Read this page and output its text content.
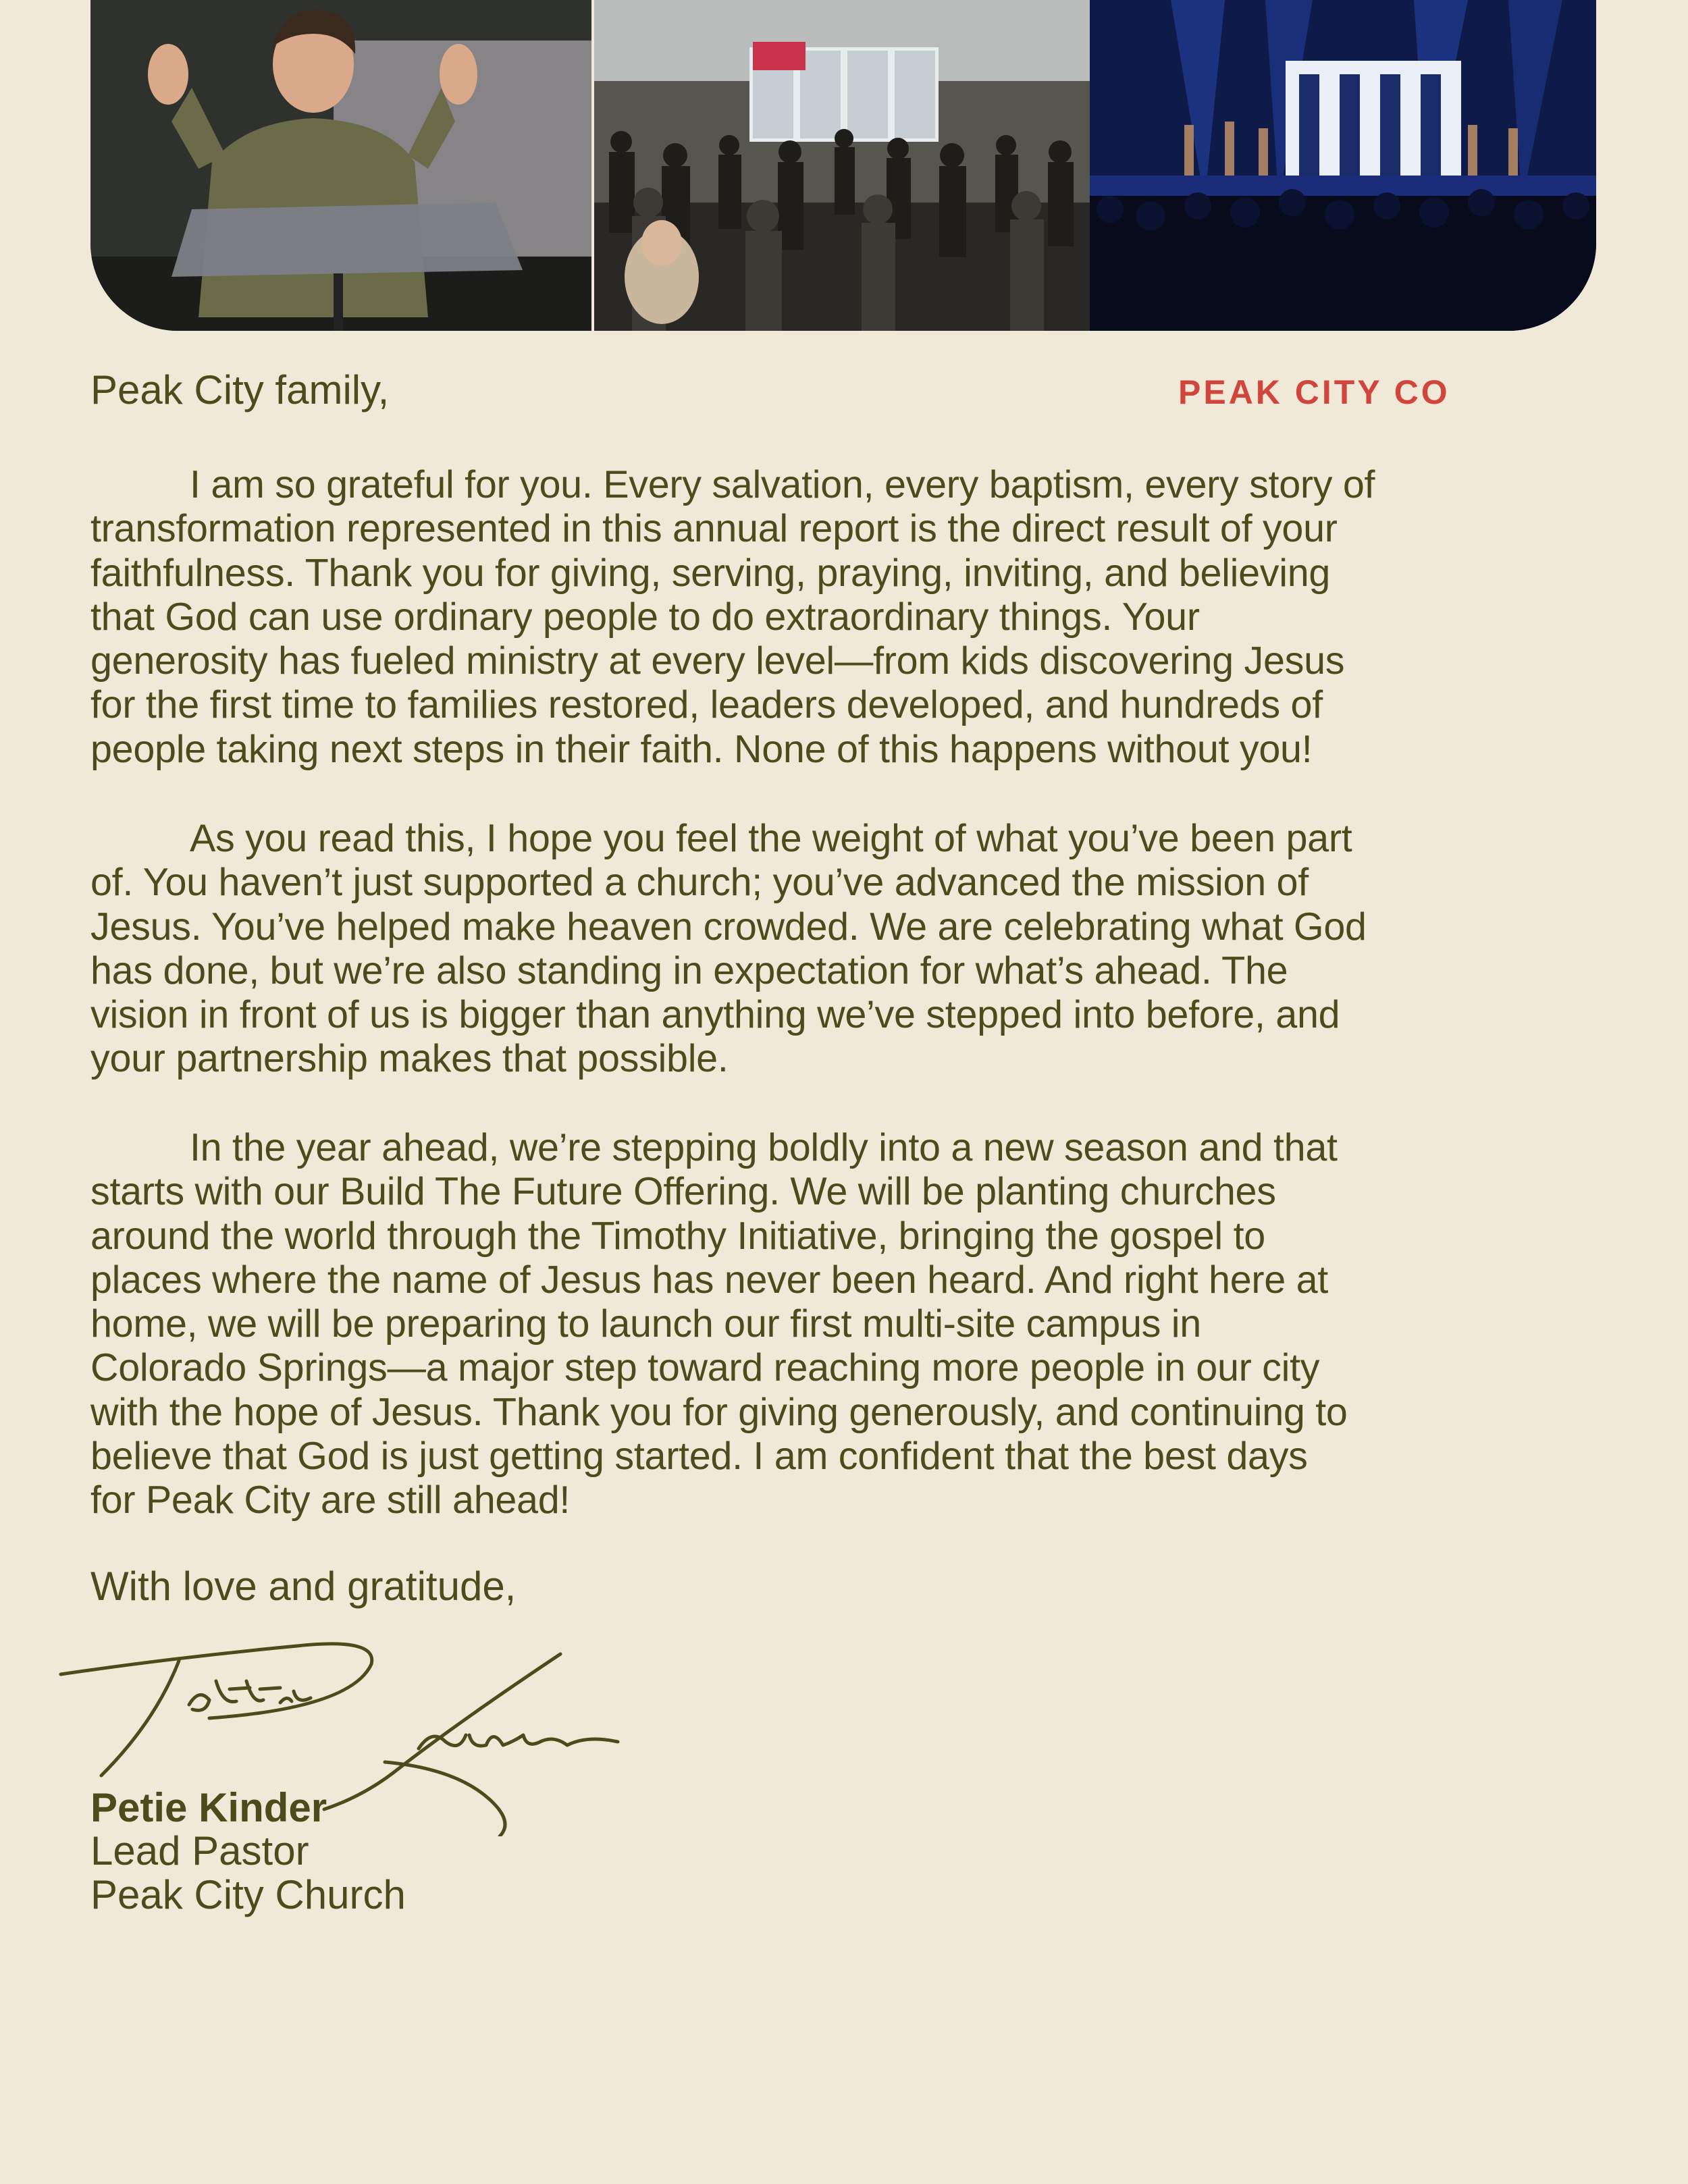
Peak City family,	PEAK CITY CO

I am so grateful for you. Every salvation, every baptism, every story of
transformation represented in this annual report is the direct result of your
faithfulness. Thank you for giving, serving, praying, inviting, and believing
that God can use ordinary people to do extraordinary things. Your
generosity has fueled ministry at every level—from kids discovering Jesus
for the first time to families restored, leaders developed, and hundreds of
people taking next steps in their faith. None of this happens without you!

As you read this, I hope you feel the weight of what you’ve been part
of. You haven’t just supported a church; you’ve advanced the mission of
Jesus. You’ve helped make heaven crowded. We are celebrating what God
has done, but we’re also standing in expectation for what’s ahead. The
vision in front of us is bigger than anything we’ve stepped into before, and
your partnership makes that possible.

In the year ahead, we’re stepping boldly into a new season and that
starts with our Build The Future Offering. We will be planting churches
around the world through the Timothy Initiative, bringing the gospel to
places where the name of Jesus has never been heard. And right here at
home, we will be preparing to launch our first multi-site campus in
Colorado Springs—a major step toward reaching more people in our city
with the hope of Jesus. Thank you for giving generously, and continuing to
believe that God is just getting started. I am confident that the best days
for Peak City are still ahead!

With love and gratitude,
Petie Kinder
Lead Pastor
Peak City Church
